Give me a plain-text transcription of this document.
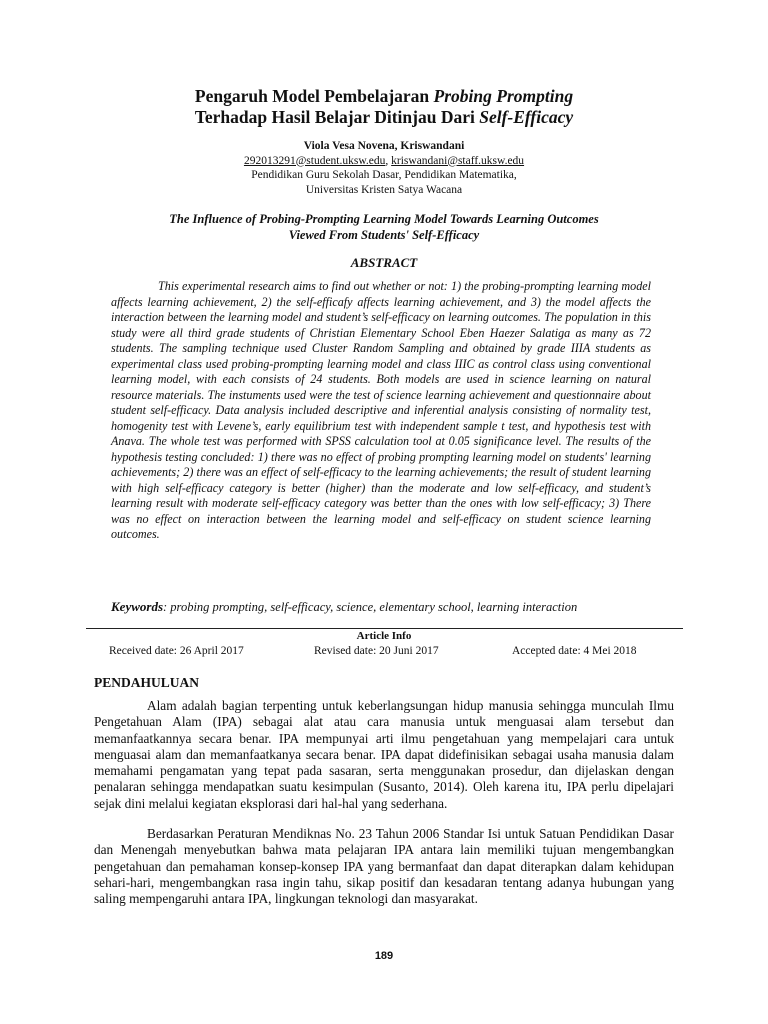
Pengaruh Model Pembelajaran Probing Prompting
Terhadap Hasil Belajar Ditinjau Dari Self-Efficacy
Viola Vesa Novena, Kriswandani
292013291@student.uksw.edu, kriswandani@staff.uksw.edu
Pendidikan Guru Sekolah Dasar, Pendidikan Matematika,
Universitas Kristen Satya Wacana
The Influence of Probing-Prompting Learning Model Towards Learning Outcomes
Viewed From Students' Self-Efficacy
ABSTRACT
This experimental research aims to find out whether or not: 1) the probing-prompting learning model affects learning achievement, 2) the self-efficafy affects learning achievement, and 3) the model affects the interaction between the learning model and student’s self-efficacy on learning outcomes. The population in this study were all third grade students of Christian Elementary School Eben Haezer Salatiga as many as 72 students. The sampling technique used Cluster Random Sampling and obtained by grade IIIA students as experimental class used probing-prompting learning model and class IIIC as control class using conventional learning model, with each consists of 24 students. Both models are used in science learning on natural resource materials. The instuments used were the test of science learning achievement and questionnaire about student self-efficacy. Data analysis included descriptive and inferential analysis consisting of normality test, homogenity test with Levene’s, early equilibrium test with independent sample t test, and hypothesis test with Anava. The whole test was performed with SPSS calculation tool at 0.05 significance level. The results of the hypothesis testing concluded: 1) there was no effect of probing prompting learning model on students' learning achievements; 2) there was an effect of self-efficacy to the learning achievements; the result of student learning with high self-efficacy category is better (higher) than the moderate and low self-efficacy, and student’s learning result with moderate self-efficacy category was better than the ones with low self-efficacy; 3) There was no effect on interaction between the learning model and self-efficacy on student science learning outcomes.
Keywords: probing prompting, self-efficacy, science, elementary school, learning interaction
Article Info
Received date: 26 April 2017	Revised date: 20 Juni 2017	Accepted date: 4 Mei 2018
PENDAHULUAN
Alam adalah bagian terpenting untuk keberlangsungan hidup manusia sehingga munculah Ilmu Pengetahuan Alam (IPA) sebagai alat atau cara manusia untuk menguasai alam tersebut dan memanfaatkannya secara benar. IPA mempunyai arti ilmu pengetahuan yang mempelajari cara untuk menguasai alam dan memanfaatkanya secara benar. IPA dapat didefinisikan sebagai usaha manusia dalam memahami pengamatan yang tepat pada sasaran, serta menggunakan prosedur, dan dijelaskan dengan penalaran sehingga mendapatkan suatu kesimpulan (Susanto, 2014). Oleh karena itu, IPA perlu dipelajari sejak dini melalui kegiatan eksplorasi dari hal-hal yang sederhana.
Berdasarkan Peraturan Mendiknas No. 23 Tahun 2006 Standar Isi untuk Satuan Pendidikan Dasar dan Menengah menyebutkan bahwa mata pelajaran IPA antara lain memiliki tujuan mengembangkan pengetahuan dan pemahaman konsep-konsep IPA yang bermanfaat dan dapat diterapkan dalam kehidupan sehari-hari, mengembangkan rasa ingin tahu, sikap positif dan kesadaran tentang adanya hubungan yang saling mempengaruhi antara IPA, lingkungan teknologi dan masyarakat.
189
